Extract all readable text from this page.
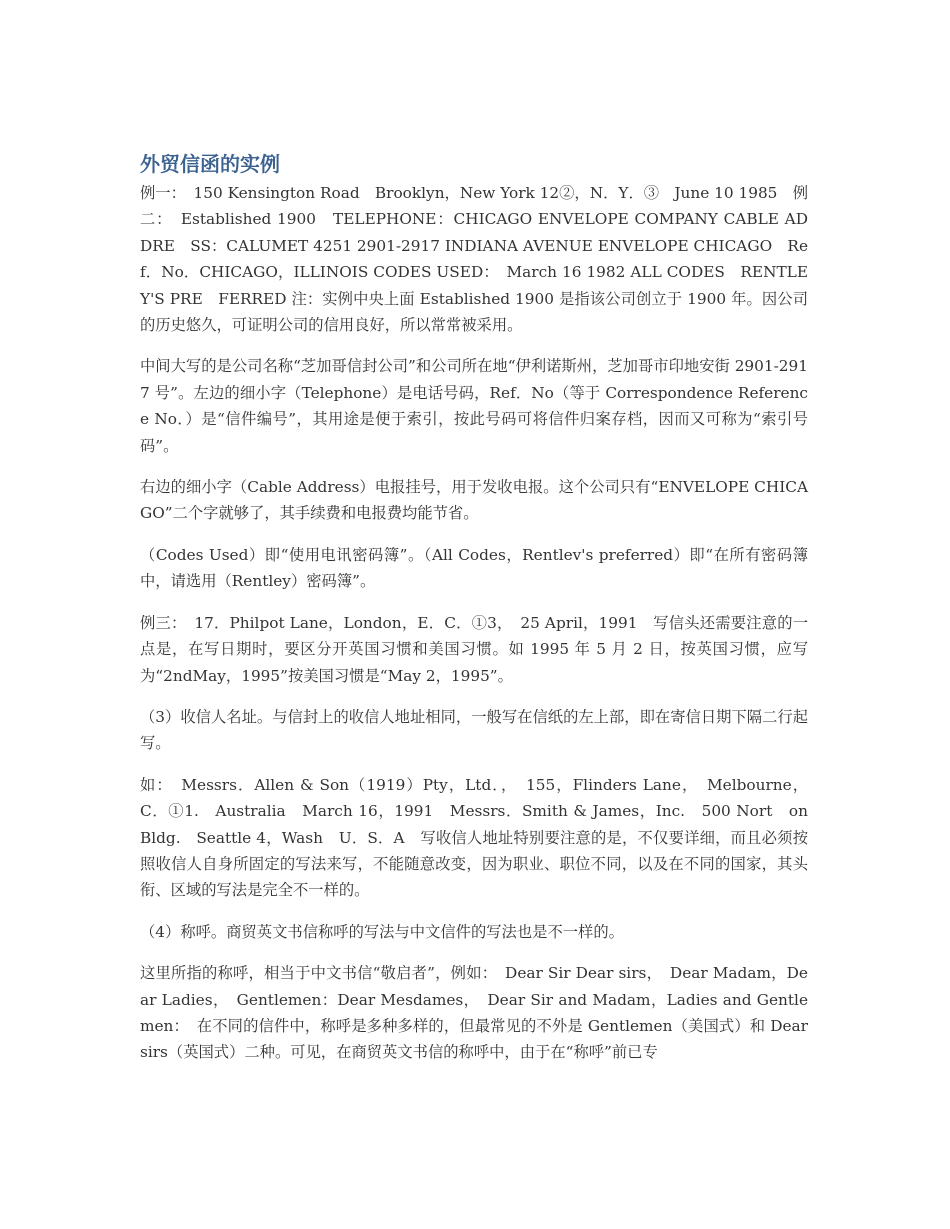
外贸信函的实例

例一：　150 Kensington Road　Brooklyn，New York 12②，N．Y．③　June 10 1985　例二：　Established 1900　TELEPHONE：CHICAGO ENVELOPE COMPANY CABLE ADDRE　SS：CALUMET 4251 2901-2917 INDIANA AVENUE ENVELOPE CHICAGO　Ref．No．CHICAGO，ILLINOIS CODES USED：　March 16 1982 ALL CODES　RENTLEY'S PRE　FERRED 注：实例中央上面 Established 1900 是指该公司创立于 1900 年。因公司的历史悠久，可证明公司的信用良好，所以常常被采用。

中间大写的是公司名称“芝加哥信封公司”和公司所在地“伊利诺斯州，芝加哥市印地安街 2901-2917 号”。左边的细小字（Telephone）是电话号码，Ref．No（等于 Correspondence Reference No．）是“信件编号”，其用途是便于索引，按此号码可将信件归案存档，因而又可称为“索引号码”。

右边的细小字（Cable Address）电报挂号，用于发收电报。这个公司只有“ENVELOPE CHICAGO”二个字就够了，其手续费和电报费均能节省。

（Codes Used）即“使用电讯密码簿”。（All Codes，Rentlev's preferred）即“在所有密码簿中，请选用（Rentley）密码簿”。

例三：　17．Philpot Lane，London，E．C．①3，　25 April，1991　写信头还需要注意的一点是，在写日期时，要区分开英国习惯和美国习惯。如 1995 年 5 月 2 日，按英国习惯，应写为“2ndMay，1995”按美国习惯是“May 2，1995”。

（3）收信人名址。与信封上的收信人地址相同，一般写在信纸的左上部，即在寄信日期下隔二行起写。

如：　Messrs．Allen & Son（1919）Pty，Ltd．，　155，Flinders Lane，　Melbourne，C．①1.　Australia　March 16，1991　Messrs．Smith & James，Inc.　500 Nort　on Bldg.　Seattle 4，Wash　U．S．A　写收信人地址特别要注意的是，不仅要详细，而且必须按照收信人自身所固定的写法来写，不能随意改变，因为职业、职位不同，以及在不同的国家，其头衔、区域的写法是完全不一样的。

（4）称呼。商贸英文书信称呼的写法与中文信件的写法也是不一样的。

这里所指的称呼，相当于中文书信“敬启者”，例如：　Dear Sir Dear sirs，　Dear Madam，Dear Ladies，　Gentlemen：Dear Mesdames，　Dear Sir and Madam，Ladies and Gentlemen：　在不同的信件中，称呼是多种多样的，但最常见的不外是 Gentlemen（美国式）和 Dear sirs（英国式）二种。可见，在商贸英文书信的称呼中，由于在“称呼”前已专
